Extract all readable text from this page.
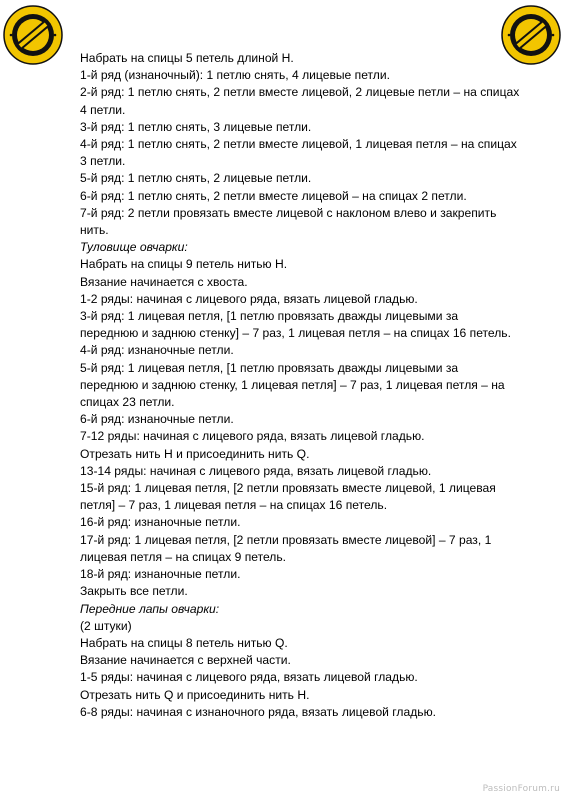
Набрать на спицы 5 петель длиной Н.

1-й ряд (изнаночный): 1 петлю снять, 4 лицевые петли.

2-й ряд: 1 петлю снять, 2 петли вместе лицевой, 2 лицевые петли – на спицах

4 петли.

3-й ряд: 1 петлю снять, 3 лицевые петли.

4-й ряд: 1 петлю снять, 2 петли вместе лицевой, 1 лицевая петля – на спицах

3 петли.

5-й ряд: 1 петлю снять, 2 лицевые петли.

6-й ряд: 1 петлю снять, 2 петли вместе лицевой – на спицах 2 петли.

7-й ряд: 2 петли провязать вместе лицевой с наклоном влево и закрепить

нить.

Туловище овчарки:

Набрать на спицы 9 петель нитью Н.

Вязание начинается с хвоста.

1-2 ряды: начиная с лицевого ряда, вязать лицевой гладью.

3-й ряд: 1 лицевая петля, [1 петлю провязать дважды лицевыми за

переднюю и заднюю стенку] – 7 раз, 1 лицевая петля – на спицах 16 петель.

4-й ряд: изнаночные петли.

5-й ряд: 1 лицевая петля, [1 петлю провязать дважды лицевыми за

переднюю и заднюю стенку, 1 лицевая петля] – 7 раз, 1 лицевая петля – на

спицах 23 петли.

6-й ряд: изнаночные петли.

7-12 ряды: начиная с лицевого ряда, вязать лицевой гладью.

Отрезать нить Н и присоединить нить Q.

13-14 ряды: начиная с лицевого ряда, вязать лицевой гладью.

15-й ряд: 1 лицевая петля, [2 петли провязать вместе лицевой, 1 лицевая

петля] – 7 раз, 1 лицевая петля – на спицах 16 петель.

16-й ряд: изнаночные петли.

17-й ряд: 1 лицевая петля, [2 петли провязать вместе лицевой] – 7 раз, 1

лицевая петля – на спицах 9 петель.

18-й ряд: изнаночные петли.

Закрыть все петли.

Передние лапы овчарки:

(2 штуки)

Набрать на спицы 8 петель нитью Q.

Вязание начинается с верхней части.

1-5 ряды: начиная с лицевого ряда, вязать лицевой гладью.

Отрезать нить Q и присоединить нить Н.

6-8 ряды: начиная с изнаночного ряда, вязать лицевой гладью.

PassionForum.ru
